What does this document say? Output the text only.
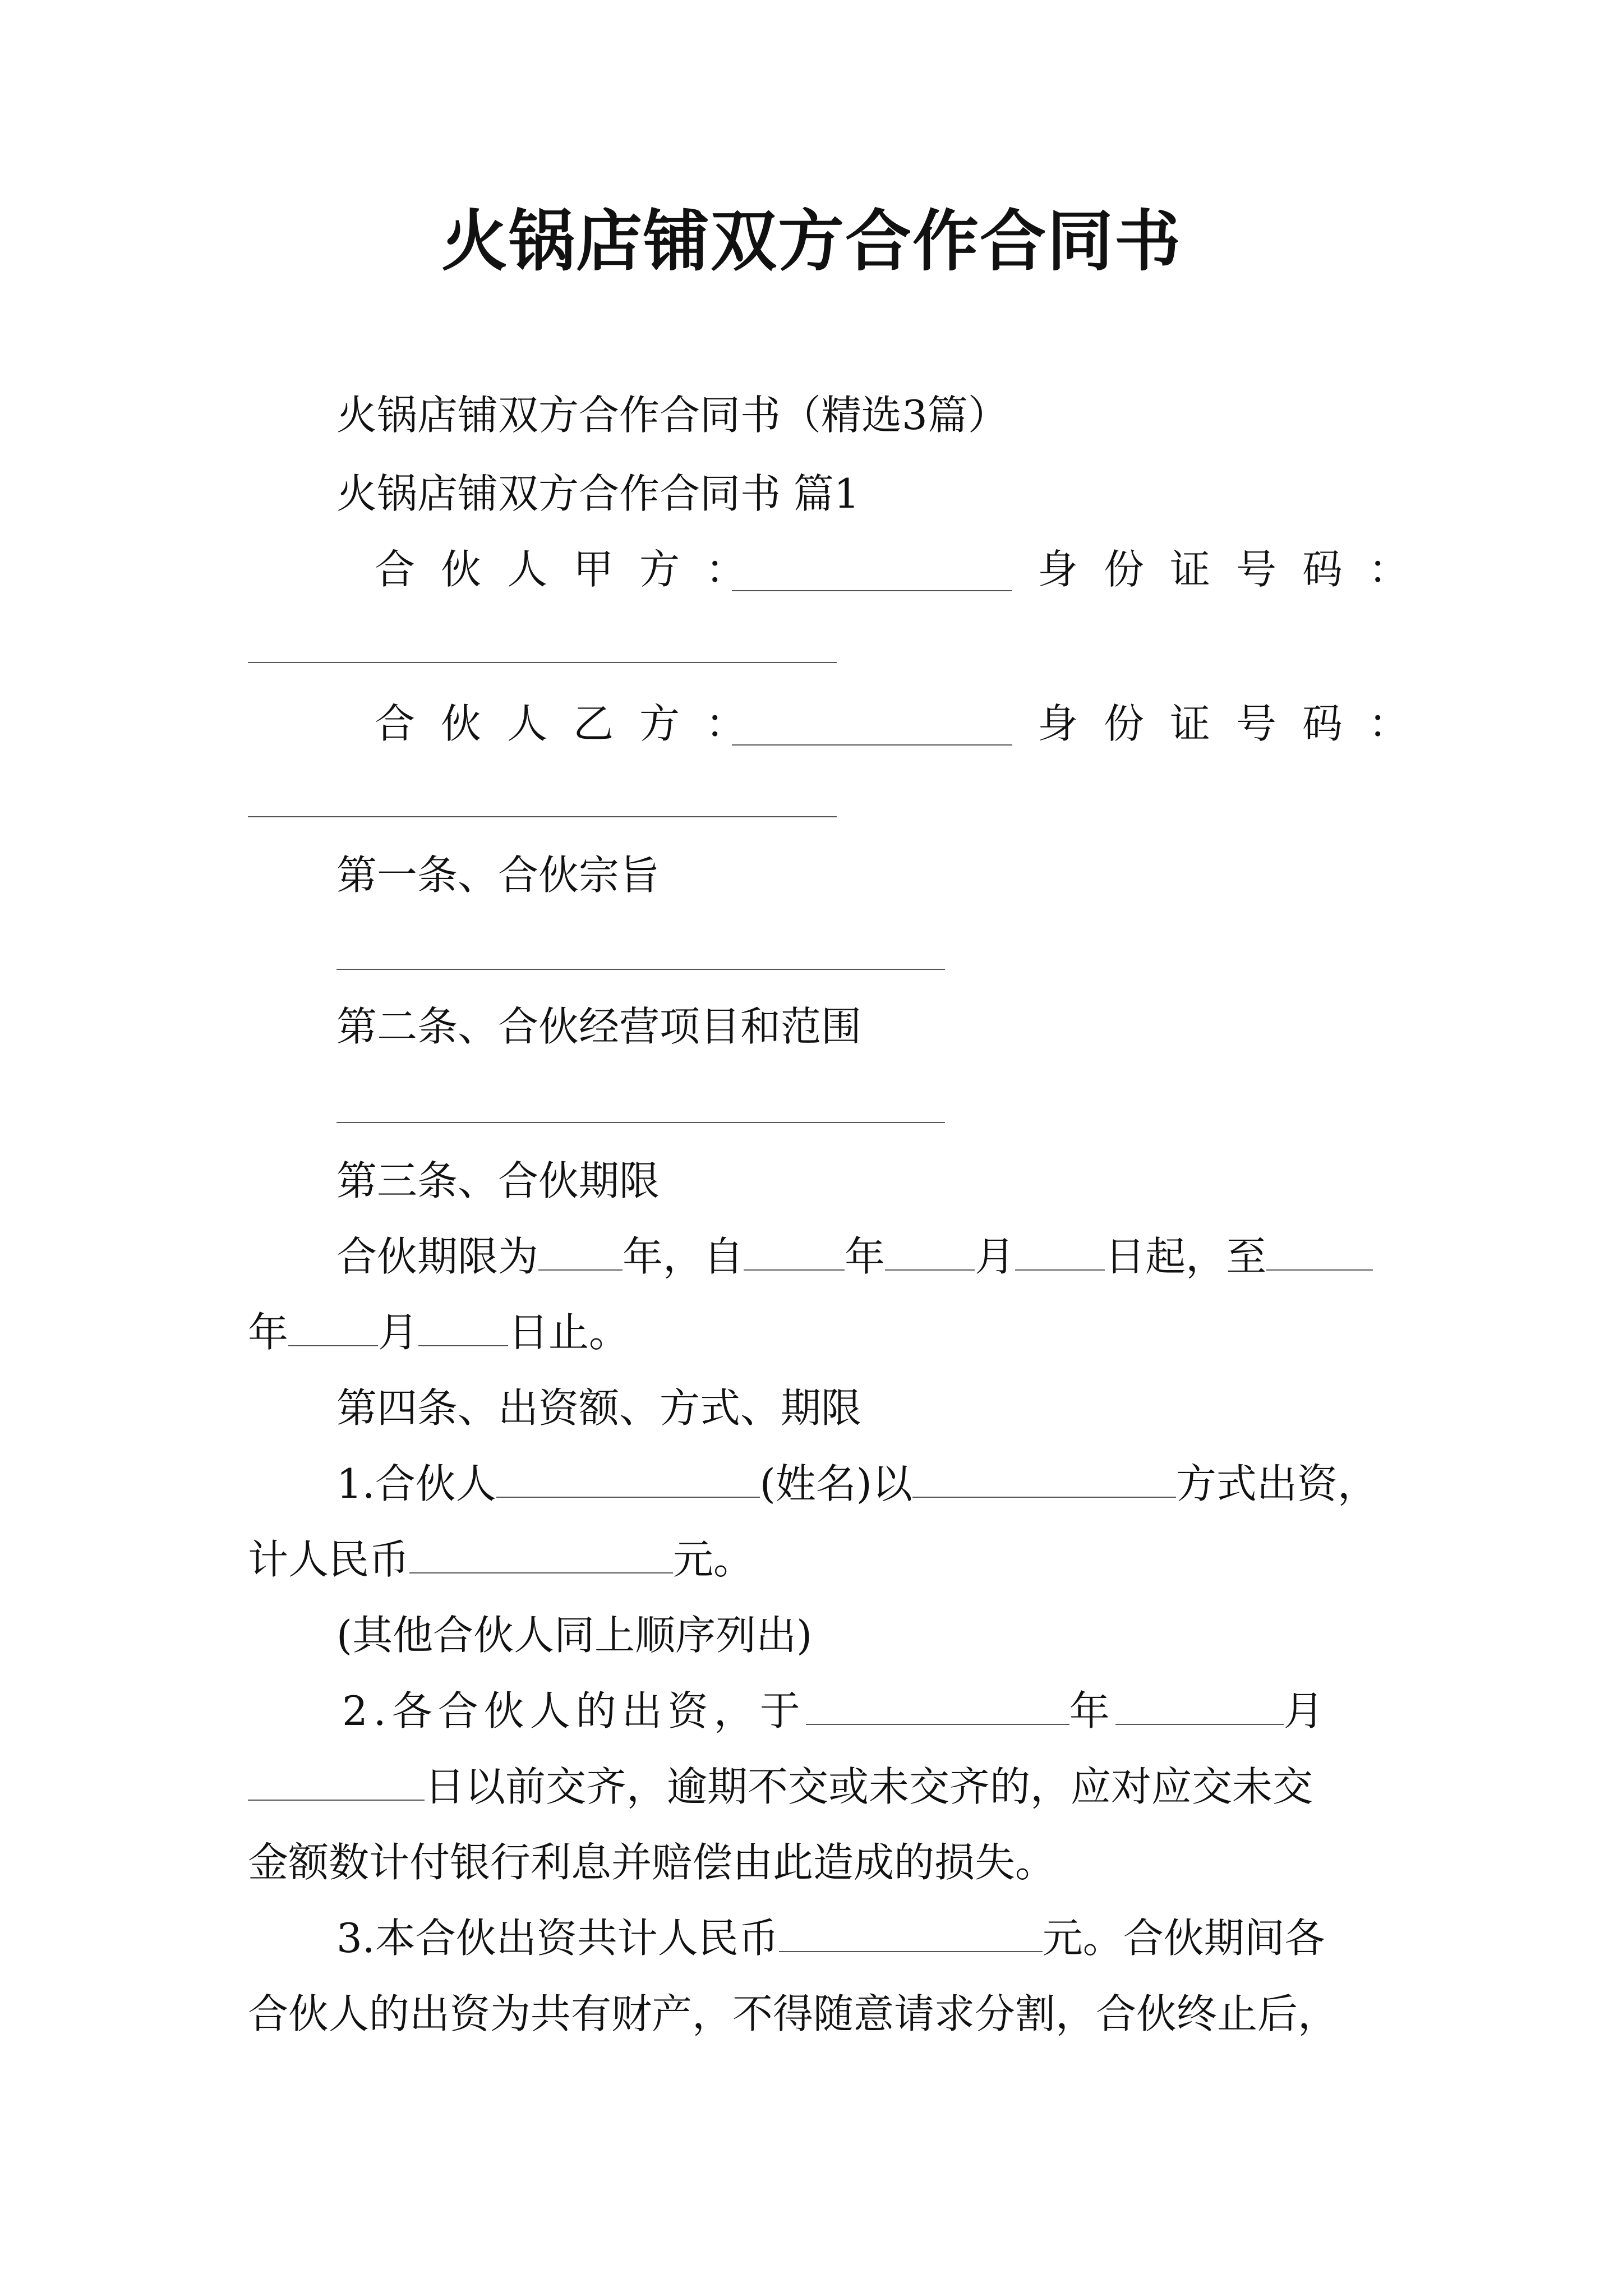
火锅店铺双方合作合同书
火锅店铺双方合作合同书（精选3篇）
火锅店铺双方合作合同书 篇1
合伙人甲方：	身份证号码：
合伙人乙方：	身份证号码：
第一条、合伙宗旨
第二条、合伙经营项目和范围
第三条、合伙期限
合伙期限为 年，自	年 月 日起，至
年 月 日止。
第四条、出资额、方式、期限
1.合伙人	(姓名)以	方式出资，
计人民币	元。
(其他合伙人同上顺序列出)
2.各合伙人的出资，于	年	月
日以前交齐，逾期不交或未交齐的，应对应交未交
金额数计付银行利息并赔偿由此造成的损失。
3.本合伙出资共计人民币	元。合伙期间各
合伙人的出资为共有财产，不得随意请求分割，合伙终止后，
